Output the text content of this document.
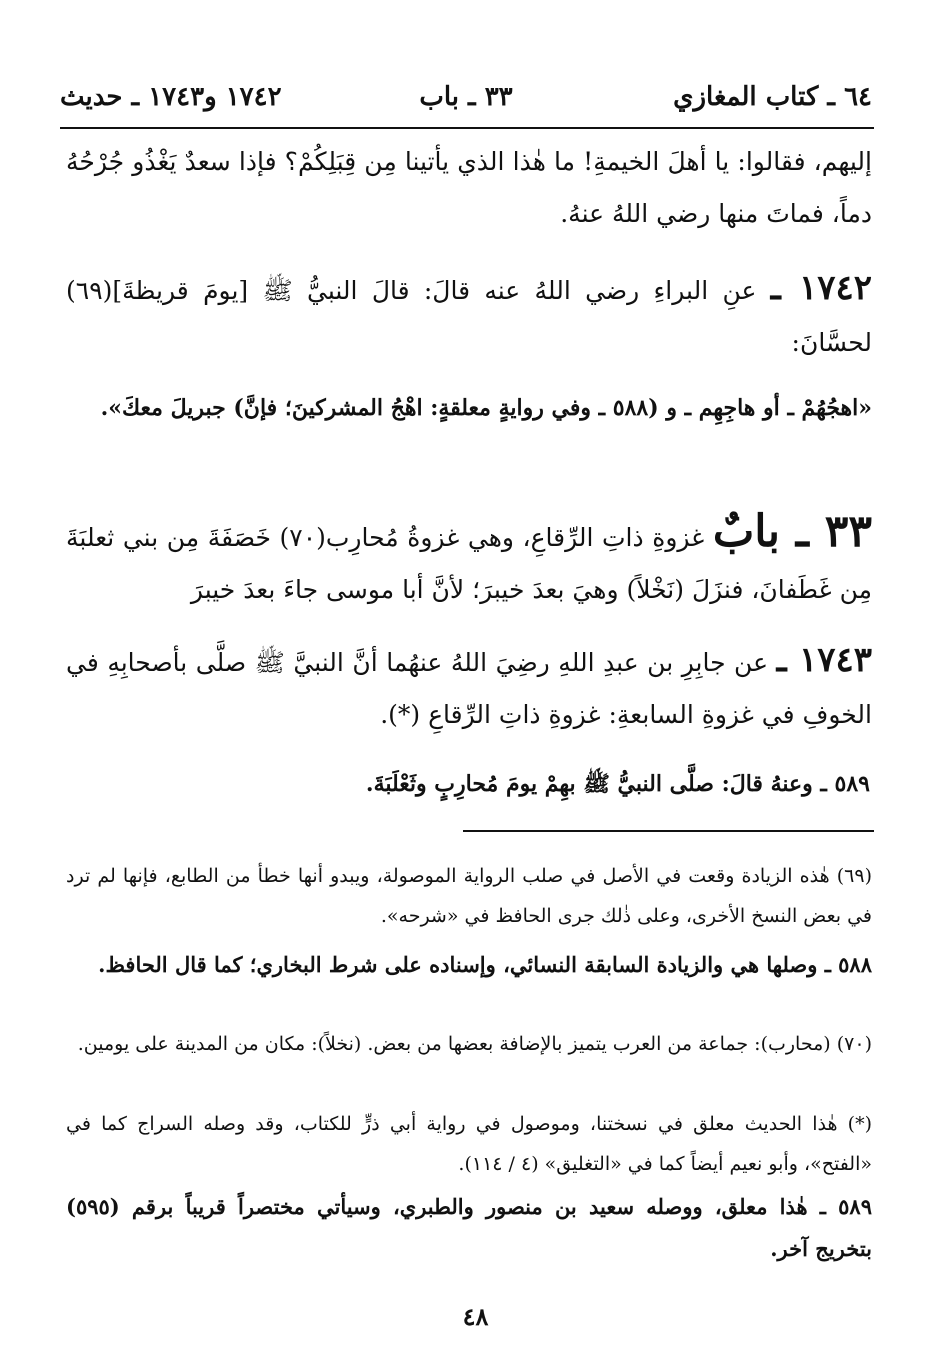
٦٤ ـ كتاب المغازي
٣٣ ـ باب
١٧٤٢ و١٧٤٣ ـ حديث
إليهم، فقالوا: يا أهلَ الخيمةِ! ما هٰذا الذي يأتينا مِن قِبَلِكُمْ؟ فإذا سعدٌ يَغْذُو جُرْحُهُ دماً، فماتَ منها رضي اللهُ عنهُ.
١٧٤٢ ـ عنِ البراءِ رضي اللهُ عنه قالَ: قالَ النبيُّ ﷺ [يومَ قريظةَ](٦٩) لحسَّانَ:
«اهجُهُمْ ـ أو هاجِهِم ـ و (٥٨٨ ـ وفي روايةٍ معلقةٍ: اهْجُ المشركينَ؛ فإنَّ) جبريلَ معكَ».
٣٣ ـ بابٌ غزوةِ ذاتِ الرِّقاعِ، وهي غزوةُ مُحارِب(٧٠) خَصَفَةَ مِن بني ثعلبَةَ مِن غَطَفانَ، فنزَلَ (نَخْلاً) وهيَ بعدَ خيبرَ؛ لأنَّ أبا موسى جاءَ بعدَ خيبرَ
١٧٤٣ ـ عن جابِرِ بن عبدِ اللهِ رضِيَ اللهُ عنهُما أنَّ النبيَّ ﷺ صلَّى بأصحابِهِ في الخوفِ في غزوةِ السابعةِ: غزوةِ ذاتِ الرِّقاعِ (*).
٥٨٩ ـ وعنهُ قالَ: صلَّى النبيُّ ﷺ بهِمْ يومَ مُحارِبٍ وثَعْلَبَةَ.
(٦٩) هٰذه الزيادة وقعت في الأصل في صلب الرواية الموصولة، ويبدو أنها خطأ من الطابع، فإنها لم ترد في بعض النسخ الأخرى، وعلى ذٰلك جرى الحافظ في «شرحه».
٥٨٨ ـ وصلها هي والزيادة السابقة النسائي، وإسناده على شرط البخاري؛ كما قال الحافظ.
(٧٠) (محارب): جماعة من العرب يتميز بالإضافة بعضها من بعض. (نخلاً): مكان من المدينة على يومين.
(*) هٰذا الحديث معلق في نسختنا، وموصول في رواية أبي ذرٍّ للكتاب، وقد وصله السراج كما في «الفتح»، وأبو نعيم أيضاً كما في «التغليق» (٤ / ١١٤).
٥٨٩ ـ هٰذا معلق، ووصله سعيد بن منصور والطبري، وسيأتي مختصراً قريباً برقم (٥٩٥) بتخريج آخر.
٤٨
